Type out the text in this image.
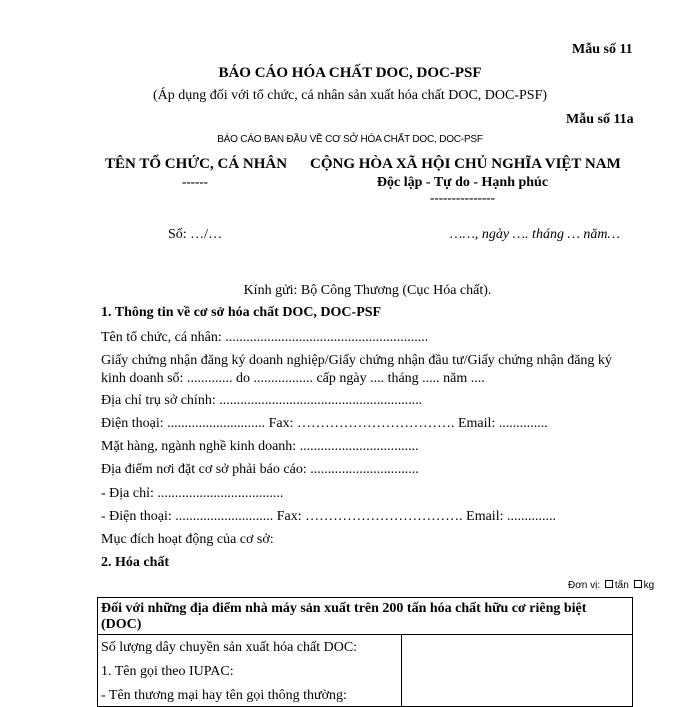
Mẫu số 11
BÁO CÁO HÓA CHẤT DOC, DOC-PSF
(Áp dụng đối với tổ chức, cá nhân sản xuất hóa chất DOC, DOC-PSF)
Mẫu số 11a
BÁO CÁO BAN ĐẦU VỀ CƠ SỞ HÓA CHẤT DOC, DOC-PSF
TÊN TỔ CHỨC, CÁ NHÂN
------
CỘNG HÒA XÃ HỘI CHỦ NGHĨA VIỆT NAM
Độc lập - Tự do - Hạnh phúc
---------------
Số: …/…	……, ngày …. tháng … năm…
Kính gửi: Bộ Công Thương (Cục Hóa chất).
1. Thông tin về cơ sở hóa chất DOC, DOC-PSF
Tên tổ chức, cá nhân: ..........................................................
Giấy chứng nhận đăng ký doanh nghiệp/Giấy chứng nhận đầu tư/Giấy chứng nhận đăng ký
kinh doanh số: ............. do ................. cấp ngày .... tháng ..... năm ....
Địa chỉ trụ sở chính: ..........................................................
Điện thoại: ............................ Fax: ……………………………. Email: ..............
Mặt hàng, ngành nghề kinh doanh: ..................................
Địa điểm nơi đặt cơ sở phải báo cáo: ...............................
- Địa chỉ: ....................................
- Điện thoại: ............................ Fax: ……………………………. Email: ..............
Mục đích hoạt động của cơ sở:
2. Hóa chất
Đơn vị: tấn kg
Đối với những địa điểm nhà máy sản xuất trên 200 tấn hóa chất hữu cơ riêng biệt
(DOC)
Số lượng dây chuyền sản xuất hóa chất DOC:
1. Tên gọi theo IUPAC:
- Tên thương mại hay tên gọi thông thường:
